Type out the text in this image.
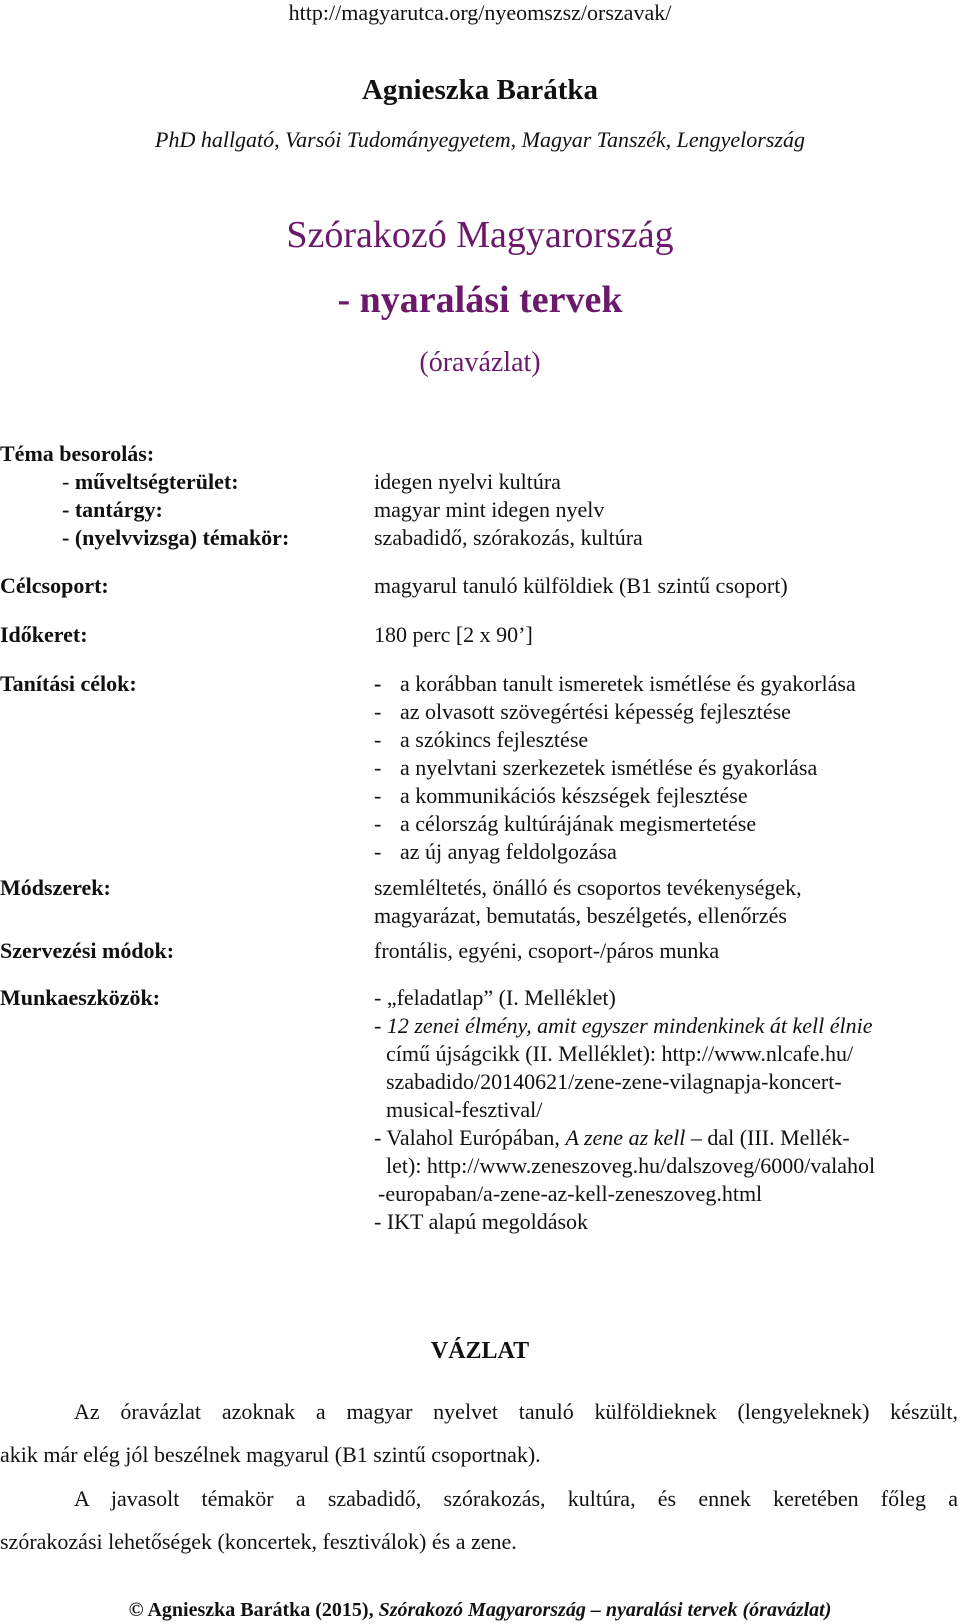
http://magyarutca.org/nyeomszsz/orszavak/
Agnieszka Barátka
PhD hallgató, Varsói Tudományegyetem, Magyar Tanszék, Lengyelország
Szórakozó Magyarország
- nyaralási tervek
(óravázlat)
Téma besorolás:
- műveltségterület:	idegen nyelvi kultúra
- tantárgy:	magyar mint idegen nyelv
- (nyelvvizsga) témakör:	szabadidő, szórakozás, kultúra
Célcsoport:	magyarul tanuló külföldiek (B1 szintű csoport)
Időkeret:	180 perc [2 x 90’]
Tanítási célok:	- a korábban tanult ismeretek ismétlése és gyakorlása
- az olvasott szövegértési képesség fejlesztése
- a szókincs fejlesztése
- a nyelvtani szerkezetek ismétlése és gyakorlása
- a kommunikációs készségek fejlesztése
- a célország kultúrájának megismertetése
- az új anyag feldolgozása
Módszerek:	szemléltetés, önálló és csoportos tevékenységek,
magyarázat, bemutatás, beszélgetés, ellenőrzés
Szervezési módok:	frontális, egyéni, csoport-/páros munka
Munkaeszközök:	- „feladatlap” (I. Melléklet)
- 12 zenei élmény, amit egyszer mindenkinek át kell élnie
című újságcikk (II. Melléklet): http://www.nlcafe.hu/
szabadido/20140621/zene-zene-vilagnapja-koncert-
musical-fesztival/
- Valahol Európában, A zene az kell – dal (III. Mellék-
let): http://www.zeneszoveg.hu/dalszoveg/6000/valahol
-europaban/a-zene-az-kell-zeneszoveg.html
- IKT alapú megoldások
VÁZLAT
Az óravázlat azoknak a magyar nyelvet tanuló külföldieknek (lengyeleknek) készült,
akik már elég jól beszélnek magyarul (B1 szintű csoportnak).
A javasolt témakör a szabadidő, szórakozás, kultúra, és ennek keretében főleg a
szórakozási lehetőségek (koncertek, fesztiválok) és a zene.
© Agnieszka Barátka (2015), Szórakozó Magyarország – nyaralási tervek (óravázlat)
